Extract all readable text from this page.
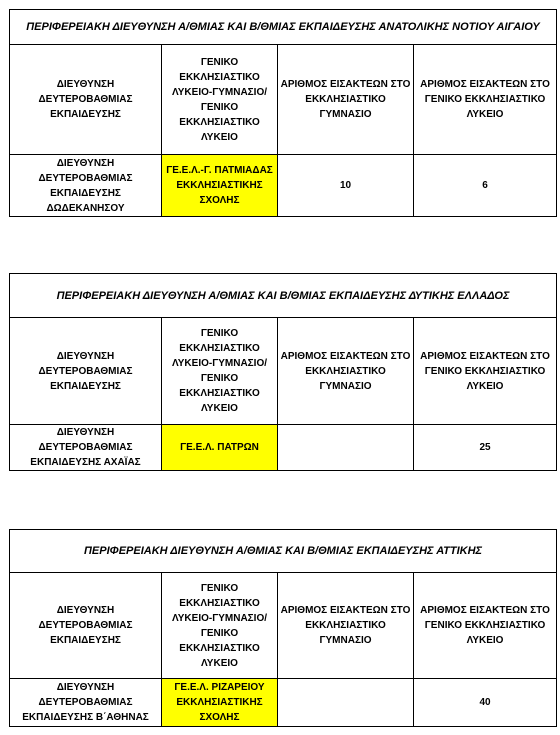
ΠΕΡΙΦΕΡΕΙΑΚΗ ΔΙΕΥΘΥΝΣΗ Α/ΘΜΙΑΣ ΚΑΙ Β/ΘΜΙΑΣ ΕΚΠΑΙΔΕΥΣΗΣ ΑΝΑΤΟΛΙΚΗΣ ΝΟΤΙΟΥ ΑΙΓΑΙΟΥ			
ΔΙΕΥΘΥΝΣΗ ΔΕΥΤΕΡΟΒΑΘΜΙΑΣ ΕΚΠΑΙΔΕΥΣΗΣ	ΓΕΝΙΚΟ ΕΚΚΛΗΣΙΑΣΤΙΚΟ ΛΥΚΕΙΟ-ΓΥΜΝΑΣΙΟ/ ΓΕΝΙΚΟ ΕΚΚΛΗΣΙΑΣΤΙΚΟ ΛΥΚΕΙΟ	ΑΡΙΘΜΟΣ ΕΙΣΑΚΤΕΩΝ ΣΤΟ ΕΚΚΛΗΣΙΑΣΤΙΚΟ ΓΥΜΝΑΣΙΟ	ΑΡΙΘΜΟΣ ΕΙΣΑΚΤΕΩΝ ΣΤΟ ΓΕΝΙΚΟ ΕΚΚΛΗΣΙΑΣΤΙΚΟ ΛΥΚΕΙΟ
ΔΙΕΥΘΥΝΣΗ ΔΕΥΤΕΡΟΒΑΘΜΙΑΣ ΕΚΠΑΙΔΕΥΣΗΣ ΔΩΔΕΚΑΝΗΣΟΥ	ΓΕ.Ε.Λ.-Γ. ΠΑΤΜΙΑΔΑΣ ΕΚΚΛΗΣΙΑΣΤΙΚΗΣ ΣΧΟΛΗΣ	10	6
ΠΕΡΙΦΕΡΕΙΑΚΗ ΔΙΕΥΘΥΝΣΗ Α/ΘΜΙΑΣ ΚΑΙ Β/ΘΜΙΑΣ ΕΚΠΑΙΔΕΥΣΗΣ ΔΥΤΙΚΗΣ ΕΛΛΑΔΟΣ			
ΔΙΕΥΘΥΝΣΗ ΔΕΥΤΕΡΟΒΑΘΜΙΑΣ ΕΚΠΑΙΔΕΥΣΗΣ	ΓΕΝΙΚΟ ΕΚΚΛΗΣΙΑΣΤΙΚΟ ΛΥΚΕΙΟ-ΓΥΜΝΑΣΙΟ/ ΓΕΝΙΚΟ ΕΚΚΛΗΣΙΑΣΤΙΚΟ ΛΥΚΕΙΟ	ΑΡΙΘΜΟΣ ΕΙΣΑΚΤΕΩΝ ΣΤΟ ΕΚΚΛΗΣΙΑΣΤΙΚΟ ΓΥΜΝΑΣΙΟ	ΑΡΙΘΜΟΣ ΕΙΣΑΚΤΕΩΝ ΣΤΟ ΓΕΝΙΚΟ ΕΚΚΛΗΣΙΑΣΤΙΚΟ ΛΥΚΕΙΟ
ΔΙΕΥΘΥΝΣΗ ΔΕΥΤΕΡΟΒΑΘΜΙΑΣ ΕΚΠΑΙΔΕΥΣΗΣ ΑΧΑΪΑΣ	ΓΕ.Ε.Λ. ΠΑΤΡΩΝ		25
ΠΕΡΙΦΕΡΕΙΑΚΗ ΔΙΕΥΘΥΝΣΗ Α/ΘΜΙΑΣ ΚΑΙ Β/ΘΜΙΑΣ ΕΚΠΑΙΔΕΥΣΗΣ ΑΤΤΙΚΗΣ			
ΔΙΕΥΘΥΝΣΗ ΔΕΥΤΕΡΟΒΑΘΜΙΑΣ ΕΚΠΑΙΔΕΥΣΗΣ	ΓΕΝΙΚΟ ΕΚΚΛΗΣΙΑΣΤΙΚΟ ΛΥΚΕΙΟ-ΓΥΜΝΑΣΙΟ/ ΓΕΝΙΚΟ ΕΚΚΛΗΣΙΑΣΤΙΚΟ ΛΥΚΕΙΟ	ΑΡΙΘΜΟΣ ΕΙΣΑΚΤΕΩΝ ΣΤΟ ΕΚΚΛΗΣΙΑΣΤΙΚΟ ΓΥΜΝΑΣΙΟ	ΑΡΙΘΜΟΣ ΕΙΣΑΚΤΕΩΝ ΣΤΟ ΓΕΝΙΚΟ ΕΚΚΛΗΣΙΑΣΤΙΚΟ ΛΥΚΕΙΟ
ΔΙΕΥΘΥΝΣΗ ΔΕΥΤΕΡΟΒΑΘΜΙΑΣ ΕΚΠΑΙΔΕΥΣΗΣ Β΄ΑΘΗΝΑΣ	ΓΕ.Ε.Λ. ΡΙΖΑΡΕΙΟΥ ΕΚΚΛΗΣΙΑΣΤΙΚΗΣ ΣΧΟΛΗΣ		40
